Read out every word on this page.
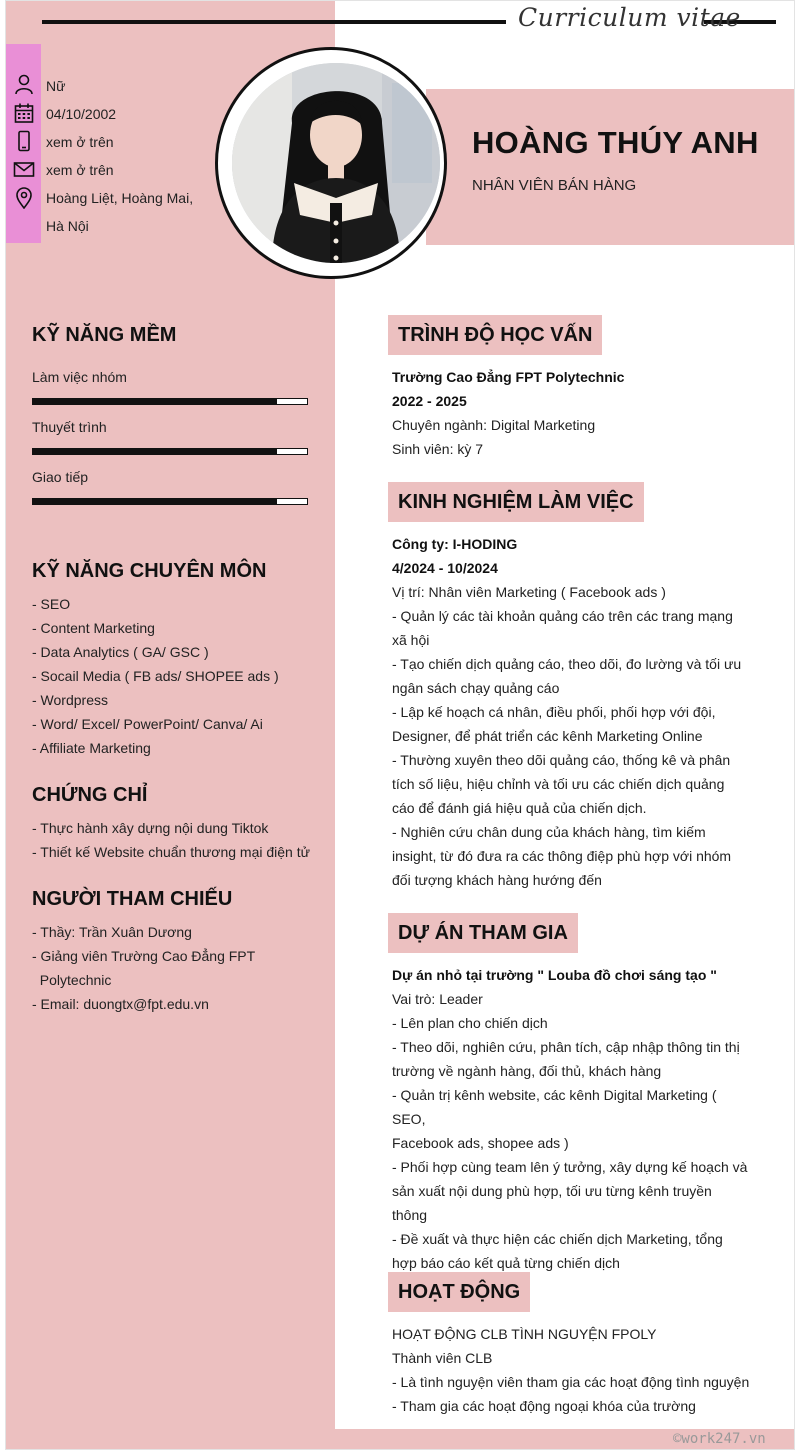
Curriculum vitae
Nữ
04/10/2002
xem ở trên
xem ở trên
Hoàng Liệt, Hoàng Mai,
Hà Nội
HOÀNG THÚY ANH
NHÂN VIÊN BÁN HÀNG
KỸ NĂNG MỀM
Làm việc nhóm
Thuyết trình
Giao tiếp
KỸ NĂNG CHUYÊN MÔN
- SEO
- Content Marketing
- Data Analytics ( GA/ GSC )
- Socail Media ( FB ads/ SHOPEE ads )
- Wordpress
- Word/ Excel/ PowerPoint/ Canva/ Ai
- Affiliate Marketing
CHỨNG CHỈ
- Thực hành xây dựng nội dung Tiktok
- Thiết kế Website chuẩn thương mại điện tử
NGƯỜI THAM CHIẾU
- Thầy: Trần Xuân Dương
- Giảng viên Trường Cao Đẳng FPT
Polytechnic
- Email: duongtx@fpt.edu.vn
TRÌNH ĐỘ HỌC VẤN
Trường Cao Đẳng FPT Polytechnic
2022 - 2025
Chuyên ngành: Digital Marketing
Sinh viên: kỳ 7
KINH NGHIỆM LÀM VIỆC
Công ty: I-HODING
4/2024 - 10/2024
Vị trí: Nhân viên Marketing ( Facebook ads )
- Quản lý các tài khoản quảng cáo trên các trang mạng
xã hội
- Tạo chiến dịch quảng cáo, theo dõi, đo lường và tối ưu
ngân sách chạy quảng cáo
- Lập kế hoạch cá nhân, điều phối, phối hợp với đội,
Designer, để phát triển các kênh Marketing Online
- Thường xuyên theo dõi quảng cáo, thống kê và phân
tích số liệu, hiệu chỉnh và tối ưu các chiến dịch quảng
cáo để đánh giá hiệu quả của chiến dịch.
- Nghiên cứu chân dung của khách hàng, tìm kiếm
insight, từ đó đưa ra các thông điệp phù hợp với nhóm
đối tượng khách hàng hướng đến
DỰ ÁN THAM GIA
Dự án nhỏ tại trường " Louba đồ chơi sáng tạo "
Vai trò: Leader
- Lên plan cho chiến dịch
- Theo dõi, nghiên cứu, phân tích, cập nhập thông tin thị
trường về ngành hàng, đối thủ, khách hàng
- Quản trị kênh website, các kênh Digital Marketing ( SEO,
Facebook ads, shopee ads )
- Phối hợp cùng team lên ý tưởng, xây dựng kế hoạch và
sản xuất nội dung phù hợp, tối ưu từng kênh truyền
thông
- Đề xuất và thực hiện các chiến dịch Marketing, tổng
hợp báo cáo kết quả từng chiến dịch
HOẠT ĐỘNG
HOẠT ĐỘNG CLB TÌNH NGUYỆN FPOLY
Thành viên CLB
- Là tình nguyện viên tham gia các hoạt động tình nguyện
- Tham gia các hoạt động ngoại khóa của trường
©work247.vn
